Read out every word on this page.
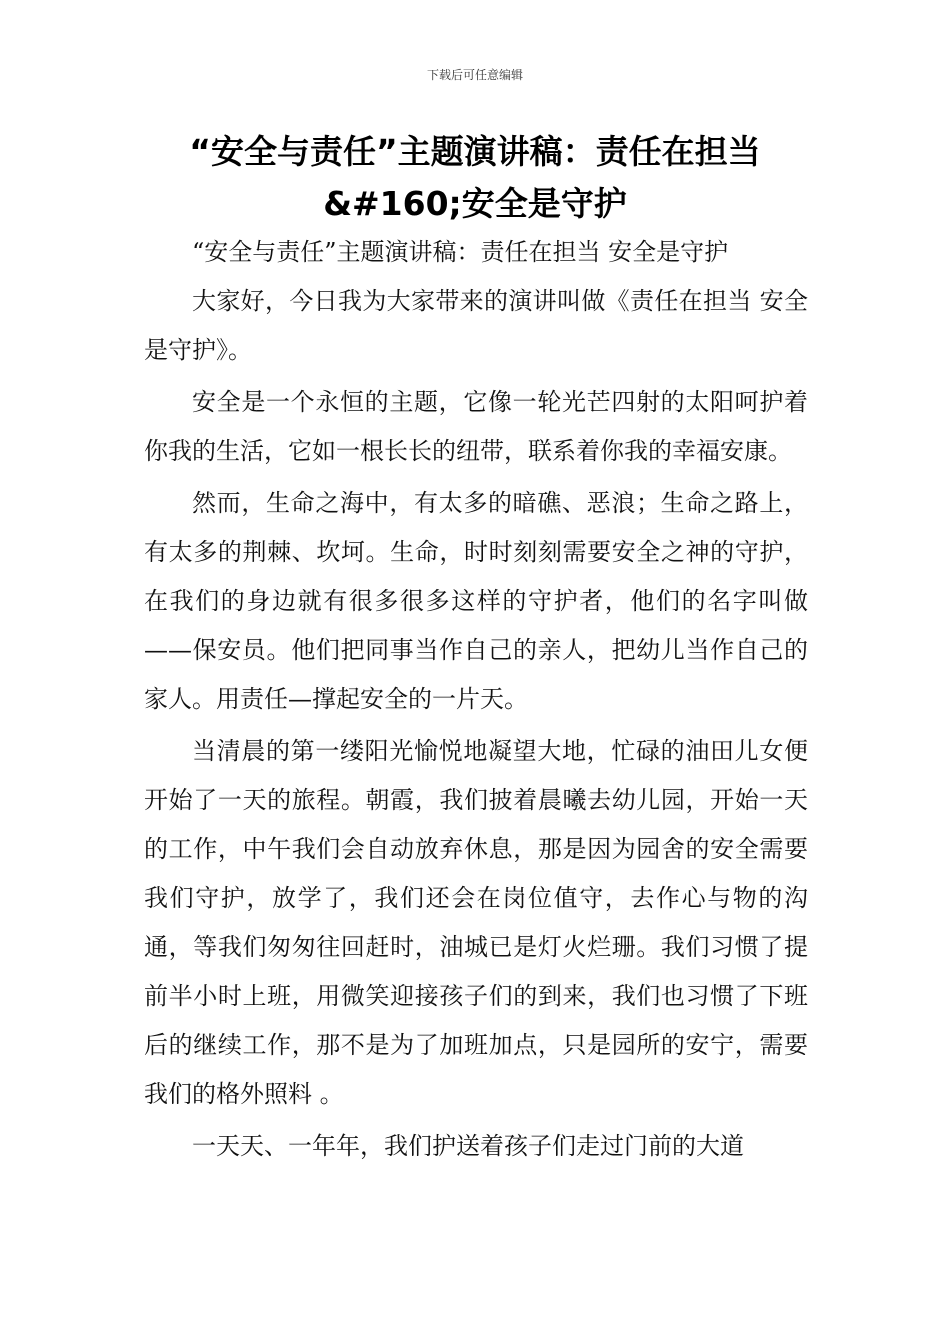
下载后可任意编辑
“安全与责任”主题演讲稿：责任在担当&#160;安全是守护

“安全与责任”主题演讲稿：责任在担当 安全是守护

大家好，今日我为大家带来的演讲叫做《责任在担当 安全是守护》。

安全是一个永恒的主题，它像一轮光芒四射的太阳呵护着你我的生活，它如一根长长的纽带，联系着你我的幸福安康。

然而，生命之海中，有太多的暗礁、恶浪；生命之路上，有太多的荆棘、坎坷。生命，时时刻刻需要安全之神的守护，在我们的身边就有很多很多这样的守护者，他们的名字叫做——保安员。他们把同事当作自己的亲人，把幼儿当作自己的家人。用责任—撑起安全的一片天。

当清晨的第一缕阳光愉悦地凝望大地，忙碌的油田儿女便开始了一天的旅程。朝霞，我们披着晨曦去幼儿园，开始一天的工作，中午我们会自动放弃休息，那是因为园舍的安全需要我们守护，放学了，我们还会在岗位值守，去作心与物的沟通，等我们匆匆往回赶时，油城已是灯火烂珊。我们习惯了提前半小时上班，用微笑迎接孩子们的到来，我们也习惯了下班后的继续工作，那不是为了加班加点，只是园所的安宁，需要我们的格外照料 。

一天天、一年年，我们护送着孩子们走过门前的大道
